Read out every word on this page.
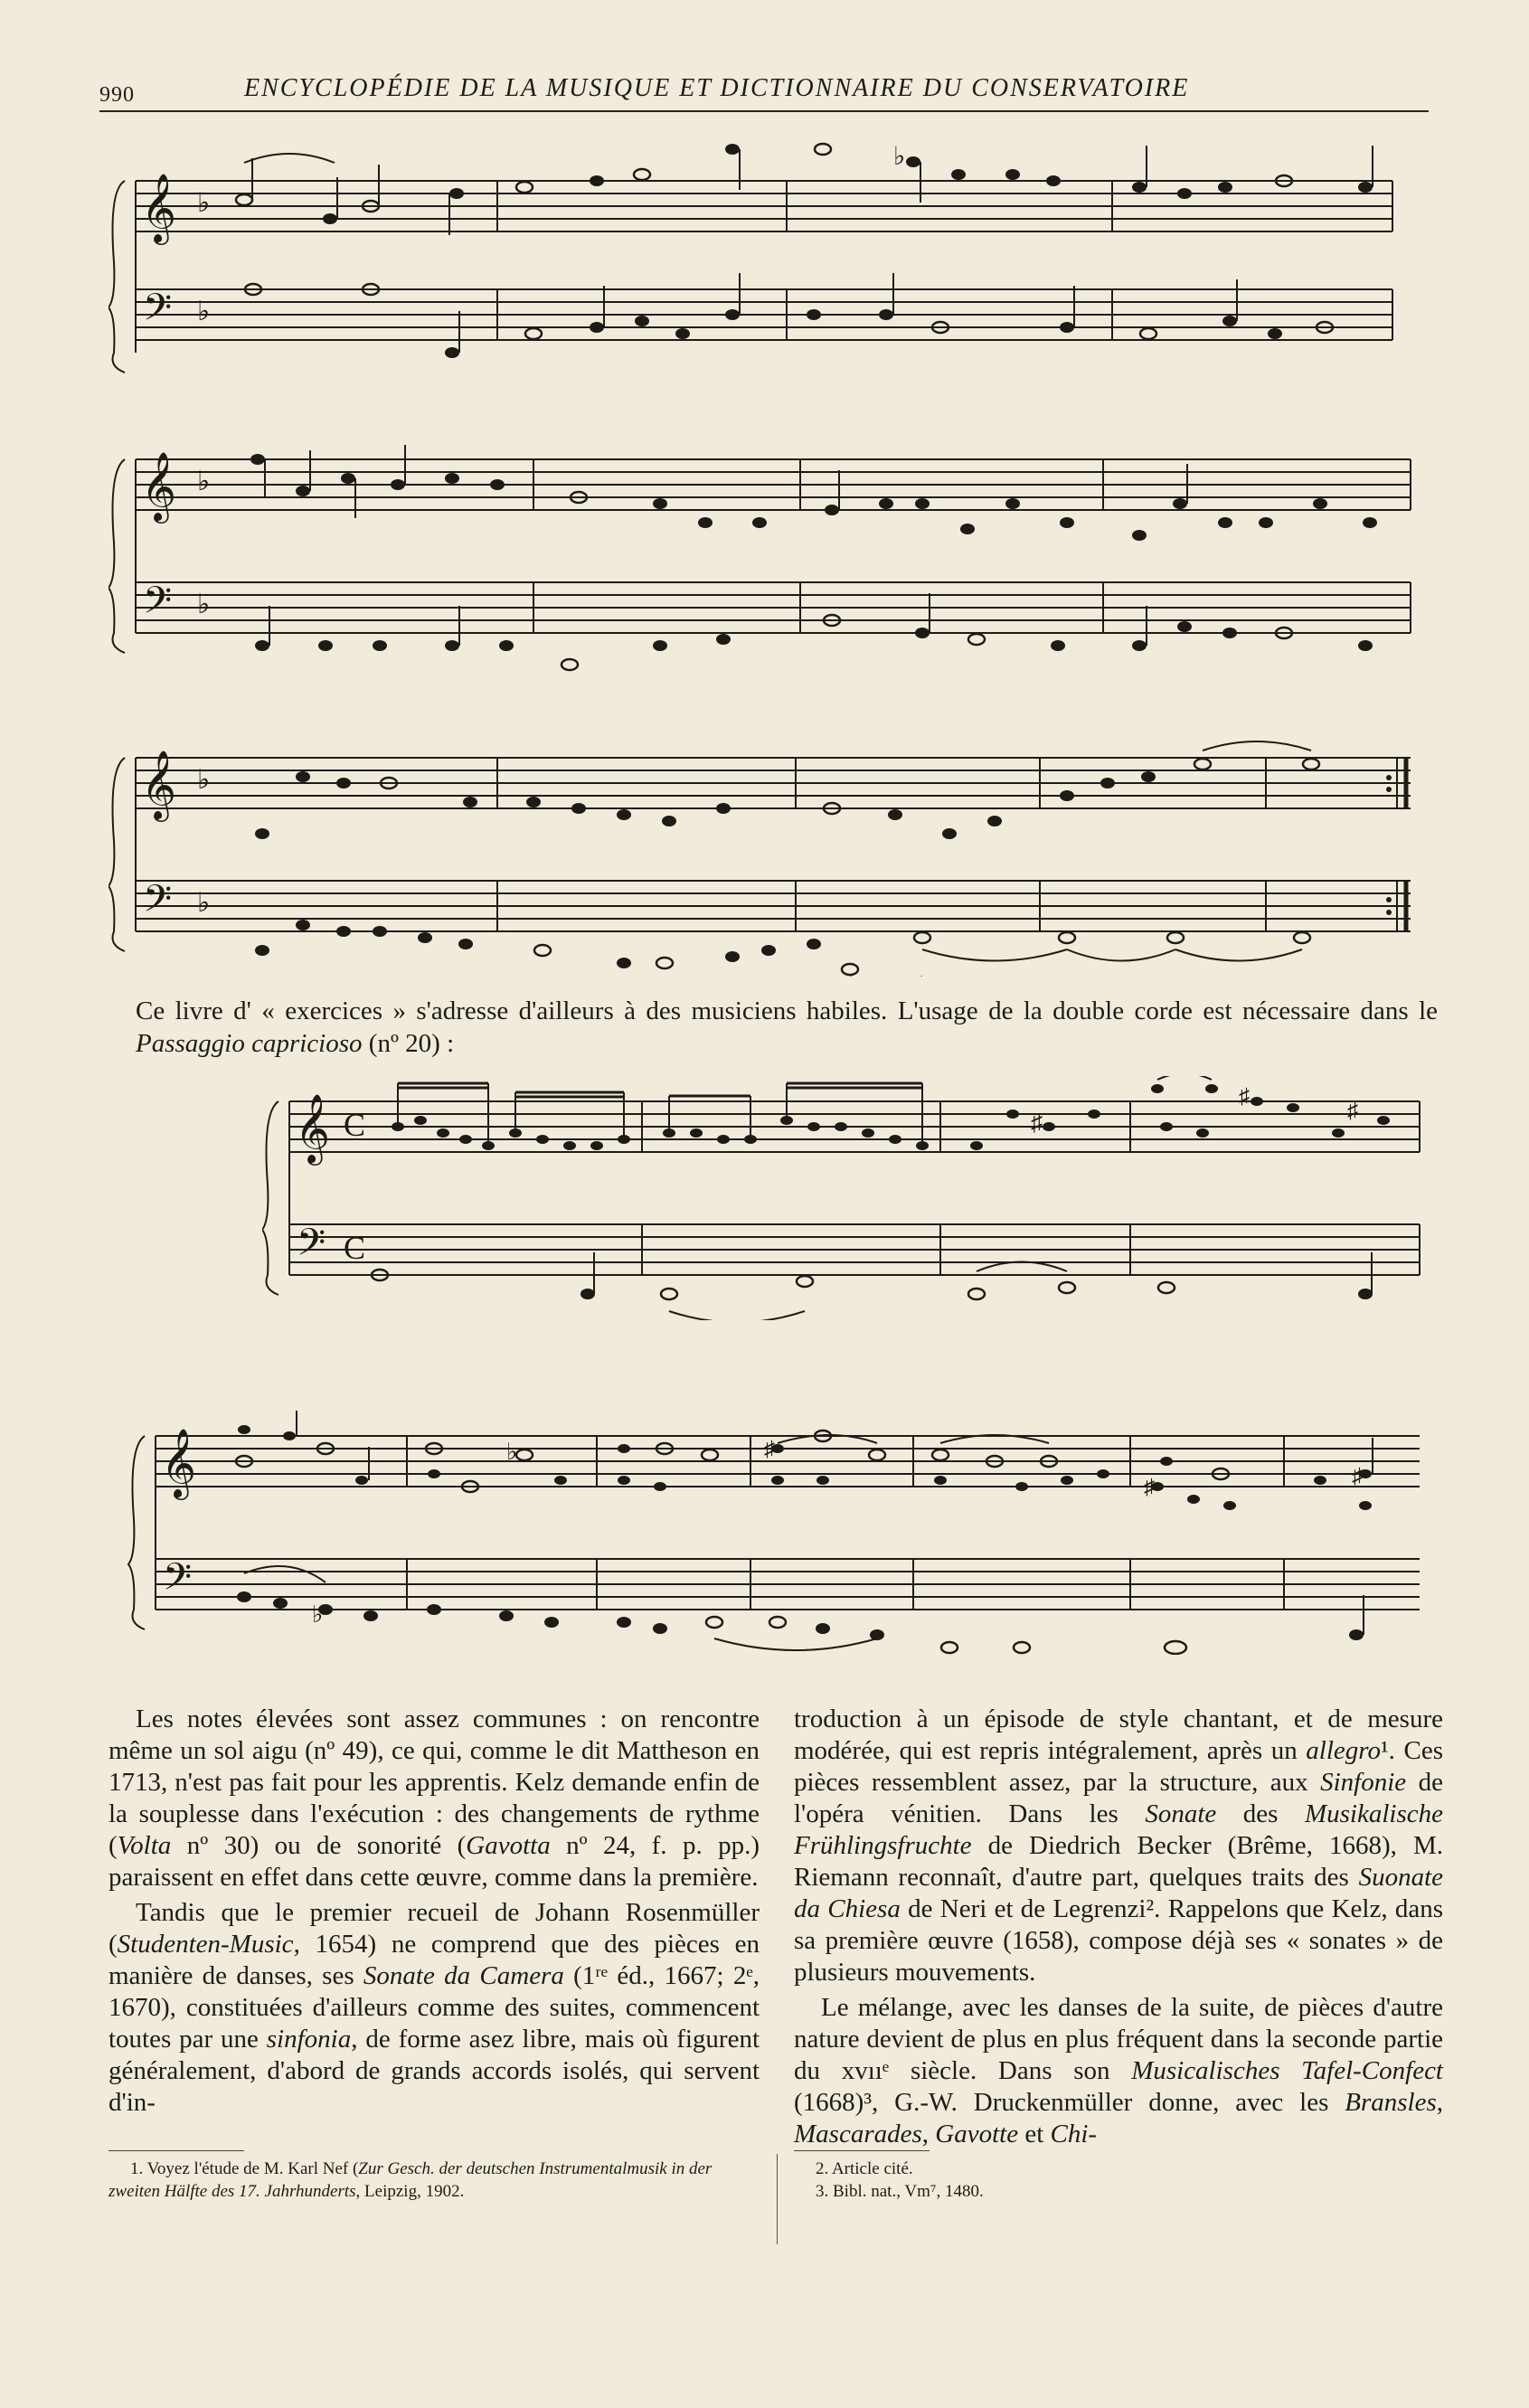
990	ENCYCLOPÉDIE DE LA MUSIQUE ET DICTIONNAIRE DU CONSERVATOIRE
𝄞
𝄢
♭
♭
♭
𝄞
𝄢
♭
♭
𝄞
𝄢
♭
♭

Ce livre d' « exercices » s'adresse d'ailleurs à des musiciens habiles. L'usage de la double corde est nécessaire dans le Passaggio capricioso (nº 20) :

𝄞
𝄢
C
C
♯
♯
♯
𝄞
𝄢
♭
♭
♯
♯	♯

Les notes élevées sont assez communes : on rencontre même un sol aigu (nº 49), ce qui, comme le dit Mattheson en 1713, n'est pas fait pour les apprentis. Kelz demande enfin de la souplesse dans l'exécution : des changements de rythme (Volta nº 30) ou de sonorité (Gavotta nº 24, f. p. pp.) paraissent en effet dans cette œuvre, comme dans la première.

Tandis que le premier recueil de Johann Rosenmüller (Studenten-Music, 1654) ne comprend que des pièces en manière de danses, ses Sonate da Camera (1ʳᵉ éd., 1667; 2ᵉ, 1670), constituées d'ailleurs comme des suites, commencent toutes par une sinfonia, de forme asez libre, mais où figurent généralement, d'abord de grands accords isolés, qui servent d'in-

troduction à un épisode de style chantant, et de mesure modérée, qui est repris intégralement, après un allegro¹. Ces pièces ressemblent assez, par la structure, aux Sinfonie de l'opéra vénitien. Dans les Sonate des Musikalische Frühlingsfruchte de Diedrich Becker (Brême, 1668), M. Riemann reconnaît, d'autre part, quelques traits des Suonate da Chiesa de Neri et de Legrenzi². Rappelons que Kelz, dans sa première œuvre (1658), compose déjà ses « sonates » de plusieurs mouvements.

Le mélange, avec les danses de la suite, de pièces d'autre nature devient de plus en plus fréquent dans la seconde partie du xvııᵉ siècle. Dans son Musicalisches Tafel-Confect (1668)³, G.-W. Druckenmüller donne, avec les Bransles, Mascarades, Gavotte et Chi-

1. Voyez l'étude de M. Karl Nef (Zur Gesch. der deutschen Instrumentalmusik in der zweiten Hälfte des 17. Jahrhunderts, Leipzig, 1902.
2. Article cité.
3. Bibl. nat., Vm⁷, 1480.
